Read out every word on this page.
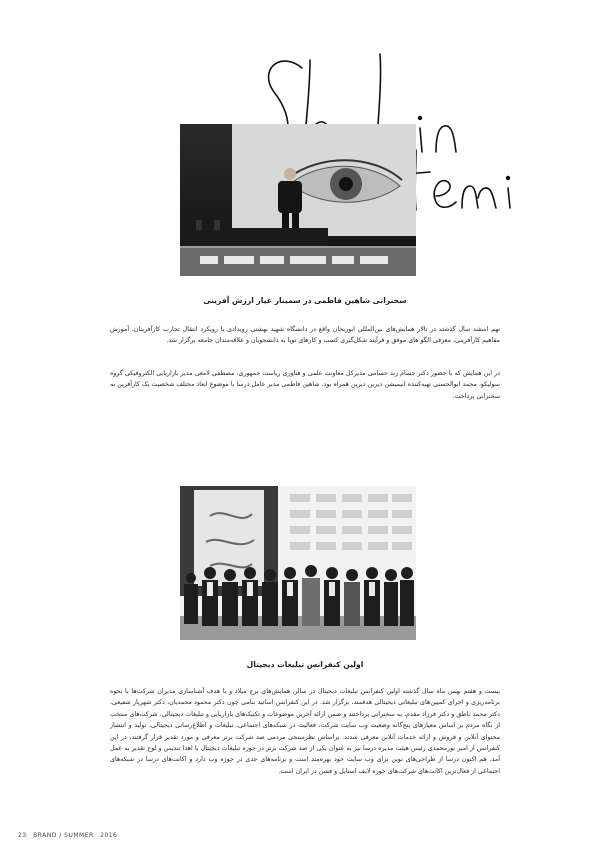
سخنرانی شاهین فاطمی در سمینار عیار ارزش آفرینی
نهم اسفند سال گذشته در تالار همایش‌های بین‌المللی ابوریحان واقع در دانشگاه شهید بهشتی رویدادی با رویکرد انتقال تجارب کارآفرینان، آموزش مفاهیم کارآفرینی، معرفی الگو های موفق و فرآیند شکل‌گیری کسب و کارهای نوپا به دانشجویان و علاقه‌مندان جامعه برگزار شد.
در این همایش که با حضور دکتر حسام زند حسامی مدیرکل معاونت علمی و فناوری ریاست جمهوری، مصطفی لامعی مدیر بازاریابی الکتروفیکی گروه سولیکو، محمد ابوالحسنی تهیه‌کننده انیمیشن دیرین دیرین همراه بود، شاهین فاطمی مدیر عامل درسا با موضوع ابعاد مختلف شخصیت یک کارآفرین به سخنرانی پرداخت.
اولین کنفرانس تبلیغات دیجیتال
بیست و هفتم بهمن ماه سال گذشته اولین کنفرانس تبلیغات دیجیتال در سالن همایش‌های برج میلاد و با هدف آشناسازی مدیران شرکت‌ها با نحوه برنامه‌ریزی و اجرای کمپین‌های تبلیغاتی دیجیتالی هدفمند، برگزار شد. در این کنفرانس اساتید بنامی چون دکتر محمود محمدیان، دکتر شهریار شفیعی، دکتر محمد ناطق و دکتر فرزاد مقدم، به سخنرانی پرداختند و ضمن ارائه آخرین موضوعات و تکنیک‌های بازاریابی و تبلیغات دیجیتالی، شرکت‌های منتخب از نگاه مردم بر اساس معیارهای پنج‌گانه وضعیت وب سایت شرکت، فعالیت در شبکه‌های اجتماعی، تبلیغات و اطلاع‌رسانی دیجیتالی، تولید و انتشار محتوای آنلاین و فروش و ارائه خدمات آنلاین معرفی شدند. براساس نظرسنجی مردمی صد شرکت برتر معرفی و مورد تقدیر قرار گرفتند، در این کنفرانس از امیر نورمحمدی رئیس هیئت مدیره درسا نیز به عنوان یکی از صد شرکت برتر در حوزه تبلیغات دیجیتال با اهدا تندیس و لوح تقدیر به عمل آمد. هم اکنون درسا از طراحی‌های نوین برای وب سایت خود بهره‌مند است و برنامه‌های جدی در حوزه وب دارد و اکانت‌های درسا در شبکه‌های اجتماعی از فعال‌ترین اکانت‌های شرکت‌های حوزه لایف استایل و فشن در ایران است.
23 BRAND / SUMMER 2016
